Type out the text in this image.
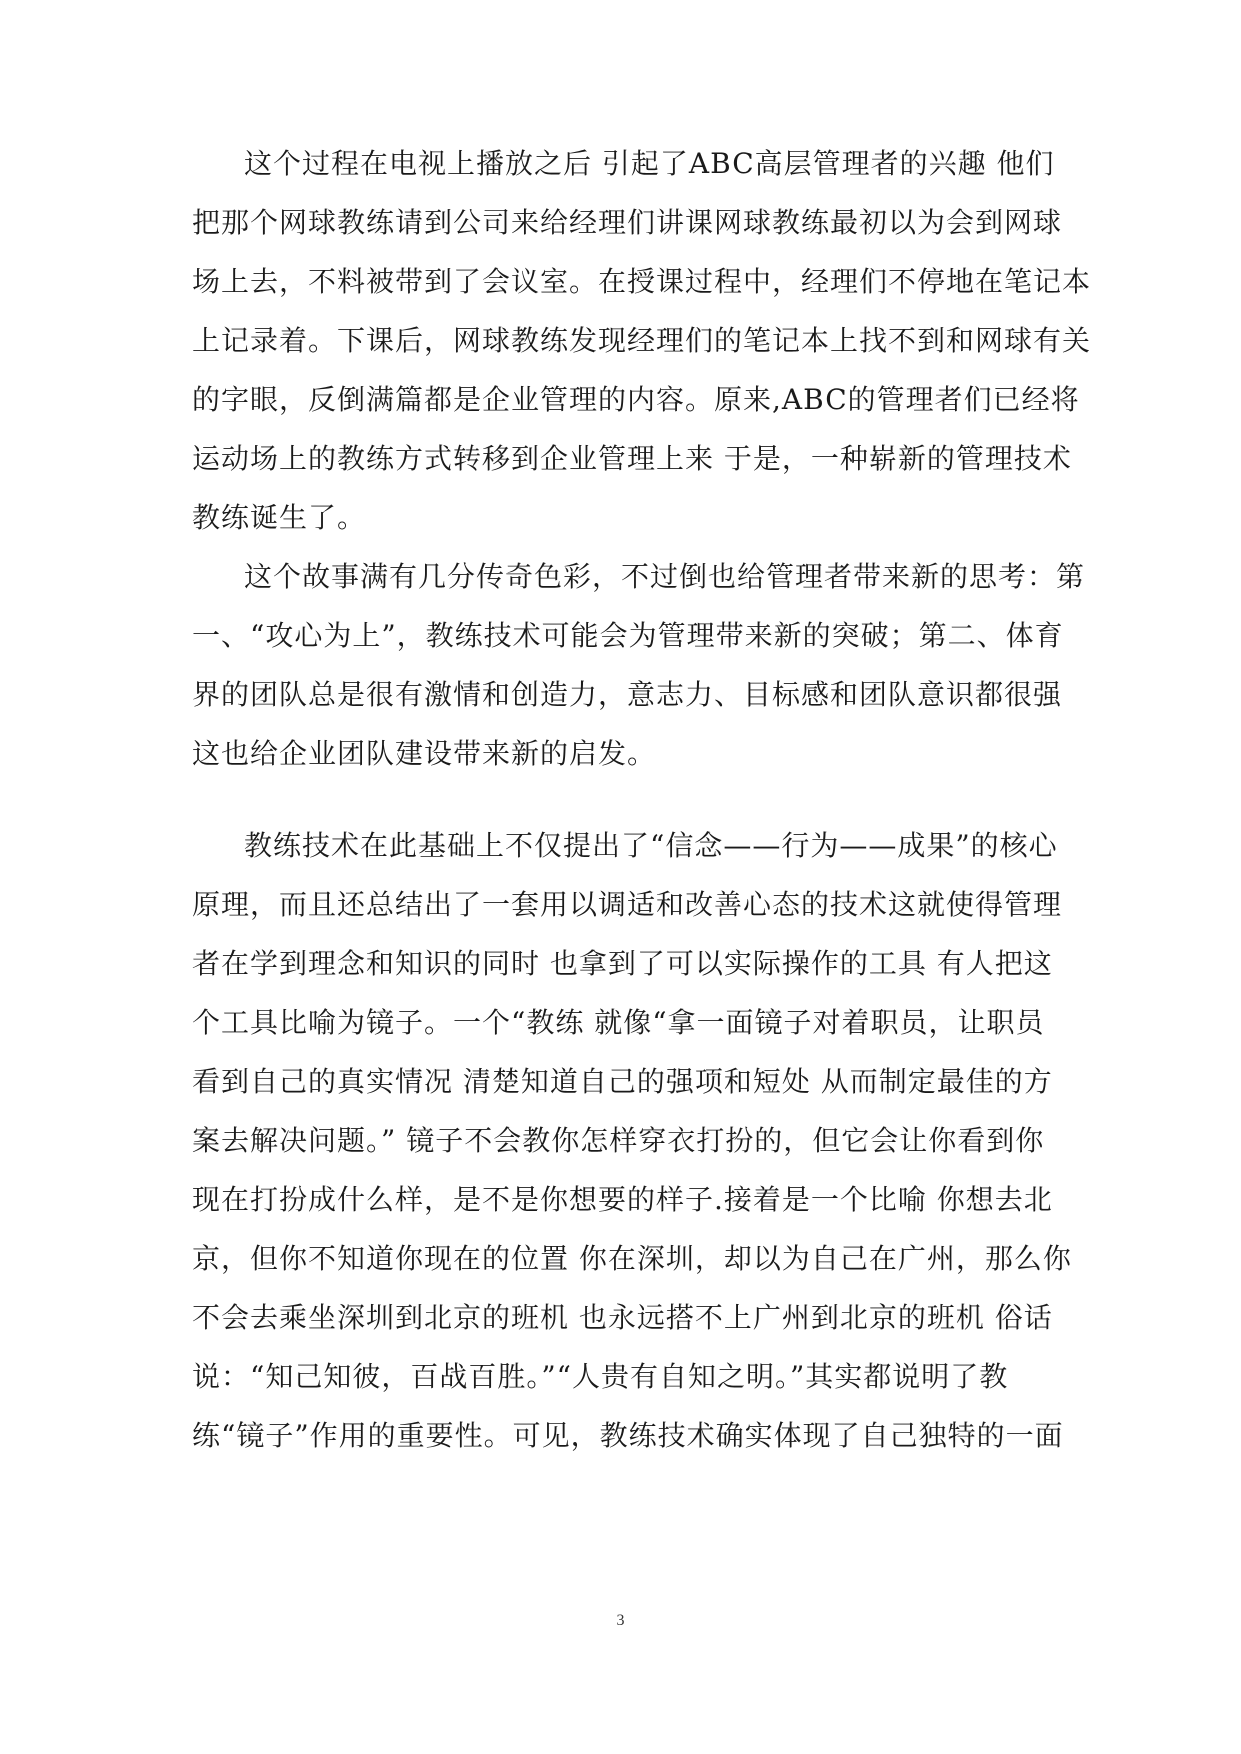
这个过程在电视上播放之后 引起了ABC高层管理者的兴趣 他们
把那个网球教练请到公司来给经理们讲课网球教练最初以为会到网球
场上去，不料被带到了会议室。在授课过程中，经理们不停地在笔记本
上记录着。下课后，网球教练发现经理们的笔记本上找不到和网球有关
的字眼，反倒满篇都是企业管理的内容。原来,ABC的管理者们已经将
运动场上的教练方式转移到企业管理上来 于是，一种崭新的管理技术
教练诞生了。
这个故事满有几分传奇色彩，不过倒也给管理者带来新的思考：第
一、“攻心为上”，教练技术可能会为管理带来新的突破；第二、体育
界的团队总是很有激情和创造力，意志力、目标感和团队意识都很强
这也给企业团队建设带来新的启发。
教练技术在此基础上不仅提出了“信念——行为——成果”的核心
原理，而且还总结出了一套用以调适和改善心态的技术这就使得管理
者在学到理念和知识的同时 也拿到了可以实际操作的工具 有人把这
个工具比喻为镜子。一个“教练 就像“拿一面镜子对着职员，让职员
看到自己的真实情况 清楚知道自己的强项和短处 从而制定最佳的方
案去解决问题。” 镜子不会教你怎样穿衣打扮的，但它会让你看到你
现在打扮成什么样，是不是你想要的样子.接着是一个比喻 你想去北
京，但你不知道你现在的位置 你在深圳，却以为自己在广州，那么你
不会去乘坐深圳到北京的班机 也永远搭不上广州到北京的班机 俗话
说：“知己知彼，百战百胜。”“人贵有自知之明。”其实都说明了教
练“镜子”作用的重要性。可见，教练技术确实体现了自己独特的一面
3
